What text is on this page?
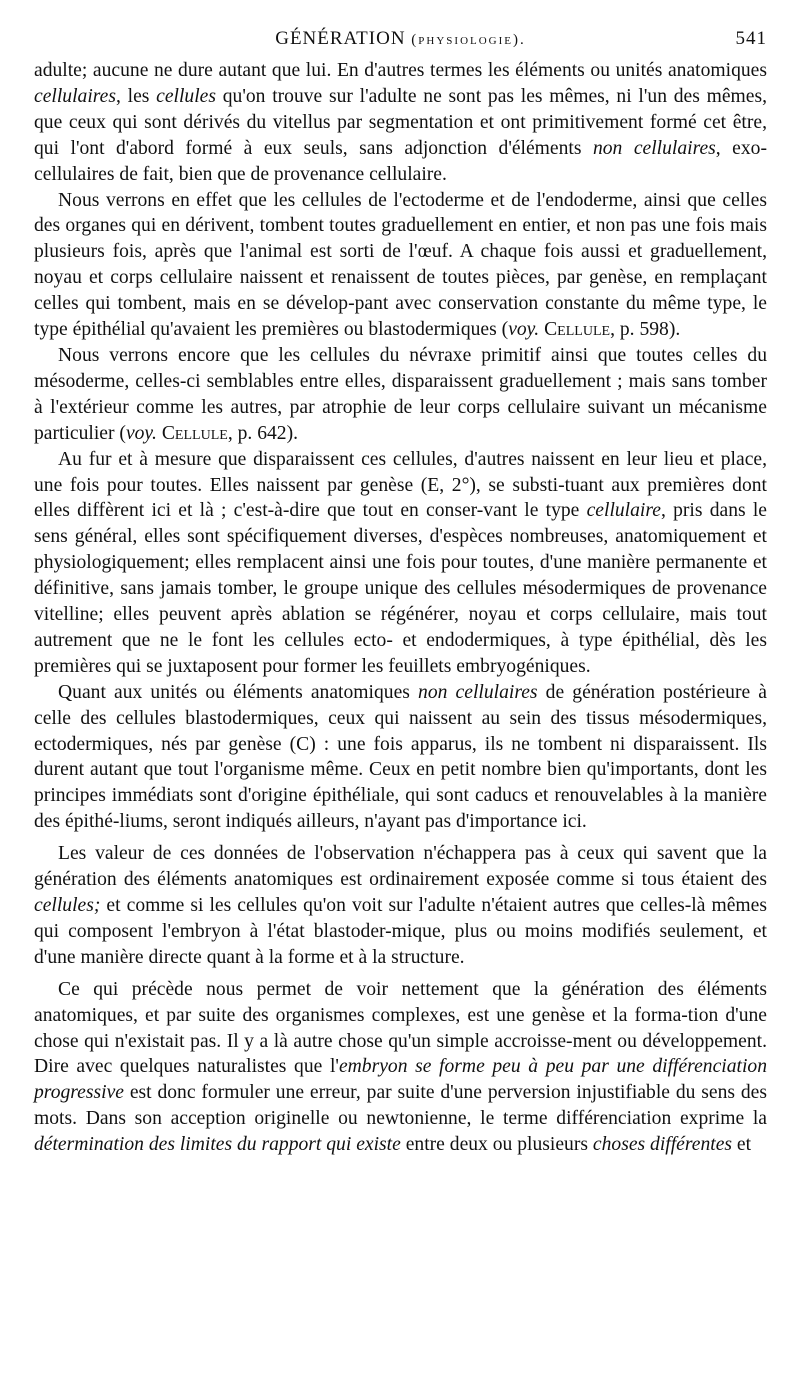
GÉNÉRATION (physiologie).	541

adulte; aucune ne dure autant que lui. En d'autres termes les éléments ou unités anatomiques cellulaires, les cellules qu'on trouve sur l'adulte ne sont pas les mêmes, ni l'un des mêmes, que ceux qui sont dérivés du vitellus par segmentation et ont primitivement formé cet être, qui l'ont d'abord formé à eux seuls, sans adjonction d'éléments non cellulaires, exo-cellulaires de fait, bien que de provenance cellulaire.

Nous verrons en effet que les cellules de l'ectoderme et de l'endoderme, ainsi que celles des organes qui en dérivent, tombent toutes graduellement en entier, et non pas une fois mais plusieurs fois, après que l'animal est sorti de l'œuf. A chaque fois aussi et graduellement, noyau et corps cellulaire naissent et renaissent de toutes pièces, par genèse, en remplaçant celles qui tombent, mais en se dévelop-pant avec conservation constante du même type, le type épithélial qu'avaient les premières ou blastodermiques (voy. Cellule, p. 598).

Nous verrons encore que les cellules du névraxe primitif ainsi que toutes celles du mésoderme, celles-ci semblables entre elles, disparaissent graduellement ; mais sans tomber à l'extérieur comme les autres, par atrophie de leur corps cellulaire suivant un mécanisme particulier (voy. Cellule, p. 642).

Au fur et à mesure que disparaissent ces cellules, d'autres naissent en leur lieu et place, une fois pour toutes. Elles naissent par genèse (E, 2°), se substi-tuant aux premières dont elles diffèrent ici et là ; c'est-à-dire que tout en conser-vant le type cellulaire, pris dans le sens général, elles sont spécifiquement diverses, d'espèces nombreuses, anatomiquement et physiologiquement; elles remplacent ainsi une fois pour toutes, d'une manière permanente et définitive, sans jamais tomber, le groupe unique des cellules mésodermiques de provenance vitelline; elles peuvent après ablation se régénérer, noyau et corps cellulaire, mais tout autrement que ne le font les cellules ecto- et endodermiques, à type épithélial, dès les premières qui se juxtaposent pour former les feuillets embryogéniques.

Quant aux unités ou éléments anatomiques non cellulaires de génération postérieure à celle des cellules blastodermiques, ceux qui naissent au sein des tissus mésodermiques, ectodermiques, nés par genèse (C) : une fois apparus, ils ne tombent ni disparaissent. Ils durent autant que tout l'organisme même. Ceux en petit nombre bien qu'importants, dont les principes immédiats sont d'origine épithéliale, qui sont caducs et renouvelables à la manière des épithé-liums, seront indiqués ailleurs, n'ayant pas d'importance ici.

Les valeur de ces données de l'observation n'échappera pas à ceux qui savent que la génération des éléments anatomiques est ordinairement exposée comme si tous étaient des cellules; et comme si les cellules qu'on voit sur l'adulte n'étaient autres que celles-là mêmes qui composent l'embryon à l'état blastoder-mique, plus ou moins modifiés seulement, et d'une manière directe quant à la forme et à la structure.

Ce qui précède nous permet de voir nettement que la génération des éléments anatomiques, et par suite des organismes complexes, est une genèse et la forma-tion d'une chose qui n'existait pas. Il y a là autre chose qu'un simple accroisse-ment ou développement. Dire avec quelques naturalistes que l'embryon se forme peu à peu par une différenciation progressive est donc formuler une erreur, par suite d'une perversion injustifiable du sens des mots. Dans son acception originelle ou newtonienne, le terme différenciation exprime la détermination des limites du rapport qui existe entre deux ou plusieurs choses différentes et
